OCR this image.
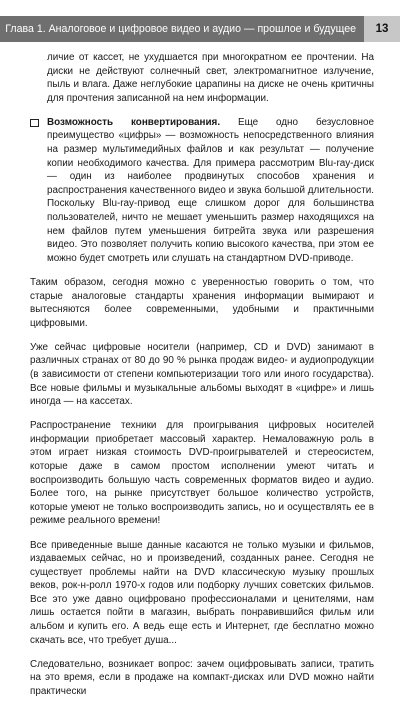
Глава 1. Аналоговое и цифровое видео и аудио — прошлое и будущее	13
личие от кассет, не ухудшается при многократном ее прочтении. На диски не действуют солнечный свет, электромагнитное излучение, пыль и влага. Даже неглубокие царапины на диске не очень критичны для прочтения записанной на нем информации.
Возможность конвертирования. Еще одно безусловное преимущество «цифры» — возможность непосредственного влияния на размер мультимедийных файлов и как результат — получение копии необходимого качества. Для примера рассмотрим Blu-ray-диск — один из наиболее продвинутых способов хранения и распространения качественного видео и звука большой длительности. Поскольку Blu-ray-привод еще слишком дорог для большинства пользователей, ничто не мешает уменьшить размер находящихся на нем файлов путем уменьшения битрейта звука или разрешения видео. Это позволяет получить копию высокого качества, при этом ее можно будет смотреть или слушать на стандартном DVD-приводе.

Таким образом, сегодня можно с уверенностью говорить о том, что старые аналоговые стандарты хранения информации вымирают и вытесняются более современными, удобными и практичными цифровыми.

Уже сейчас цифровые носители (например, CD и DVD) занимают в различных странах от 80 до 90 % рынка продаж видео- и аудиопродукции (в зависимости от степени компьютеризации того или иного государства). Все новые фильмы и музыкальные альбомы выходят в «цифре» и лишь иногда — на кассетах.

Распространение техники для проигрывания цифровых носителей информации приобретает массовый характер. Немаловажную роль в этом играет низкая стоимость DVD-проигрывателей и стереосистем, которые даже в самом простом исполнении умеют читать и воспроизводить большую часть современных форматов видео и аудио. Более того, на рынке присутствует большое количество устройств, которые умеют не только воспроизводить запись, но и осуществлять ее в режиме реального времени!

Все приведенные выше данные касаются не только музыки и фильмов, издаваемых сейчас, но и произведений, созданных ранее. Сегодня не существует проблемы найти на DVD классическую музыку прошлых веков, рок-н-ролл 1970-х годов или подборку лучших советских фильмов. Все это уже давно оцифровано профессионалами и ценителями, нам лишь остается пойти в магазин, выбрать понравившийся фильм или альбом и купить его. А ведь еще есть и Интернет, где бесплатно можно скачать все, что требует душа...

Следовательно, возникает вопрос: зачем оцифровывать записи, тратить на это время, если в продаже на компакт-дисках или DVD можно найти практически
